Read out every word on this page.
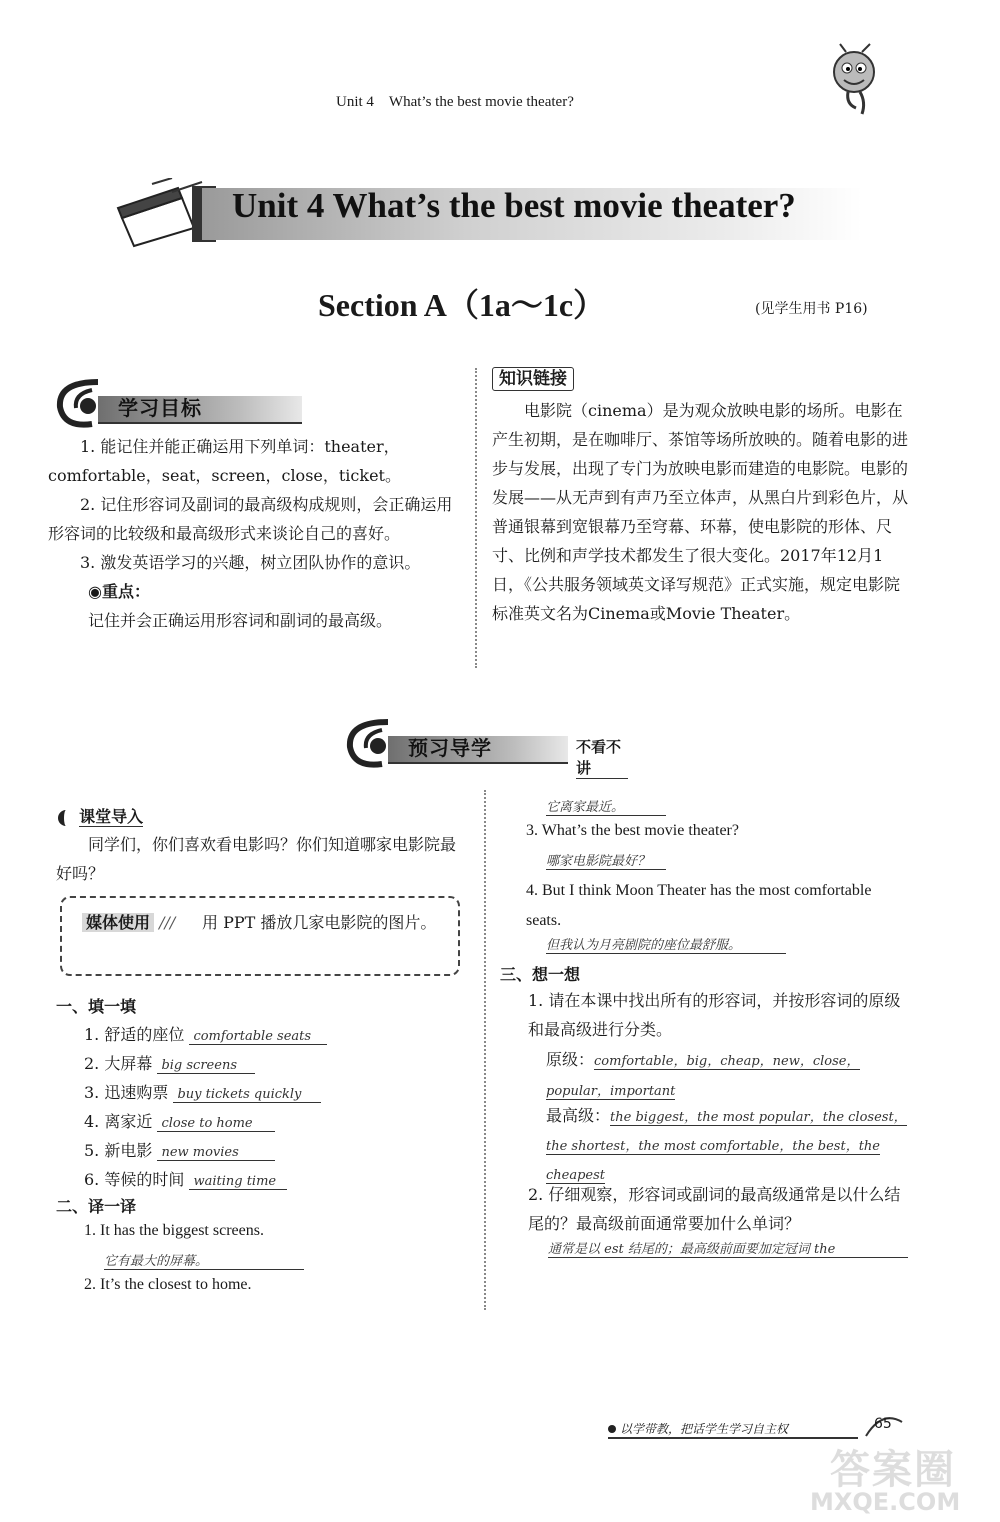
Unit 4　What’s the best movie theater?
Unit 4 What’s the best movie theater?
Section A（1a～1c）	(见学生用书 P16)
学习目标
1. 能记住并能正确运用下列单词：theater，comfortable，seat，screen，close，ticket。
2. 记住形容词及副词的最高级构成规则，会正确运用形容词的比较级和最高级形式来谈论自己的喜好。
3. 激发英语学习的兴趣，树立团队协作的意识。
◉重点：
记住并会正确运用形容词和副词的最高级。
知识链接
电影院（cinema）是为观众放映电影的场所。电影在产生初期，是在咖啡厅、茶馆等场所放映的。随着电影的进步与发展，出现了专门为放映电影而建造的电影院。电影的发展——从无声到有声乃至立体声，从黑白片到彩色片，从普通银幕到宽银幕乃至穹幕、环幕，使电影院的形体、尺寸、比例和声学技术都发生了很大变化。2017年12月1日，《公共服务领域英文译写规范》正式实施，规定电影院标准英文名为Cinema或Movie Theater。
预习导学	不看不讲
课堂导入
同学们，你们喜欢看电影吗？你们知道哪家电影院最好吗？
媒体使用 /// 用 PPT 播放几家电影院的图片。
一、填一填
1. 舒适的座位 comfortable seats
2. 大屏幕 big screens
3. 迅速购票 buy tickets quickly
4. 离家近 close to home
5. 新电影 new movies
6. 等候的时间 waiting time
二、译一译
1. It has the biggest screens.
它有最大的屏幕。
2. It’s the closest to home.
它离家最近。
3. What’s the best movie theater?
哪家电影院最好？
4. But I think Moon Theater has the most comfortable seats.
但我认为月亮剧院的座位最舒服。
三、想一想
1. 请在本课中找出所有的形容词，并按形容词的原级和最高级进行分类。
原级：comfortable，big，cheap，new，close，popular，important
最高级：the biggest，the most popular，the closest，the shortest，the most comfortable，the best，the cheapest
2. 仔细观察，形容词或副词的最高级通常是以什么结尾的？最高级前面通常要加什么单词？
通常是以 est 结尾的；最高级前面要加定冠词 the
以学带教，把话学生学习自主权	65
答案圈
MXQE.COM
